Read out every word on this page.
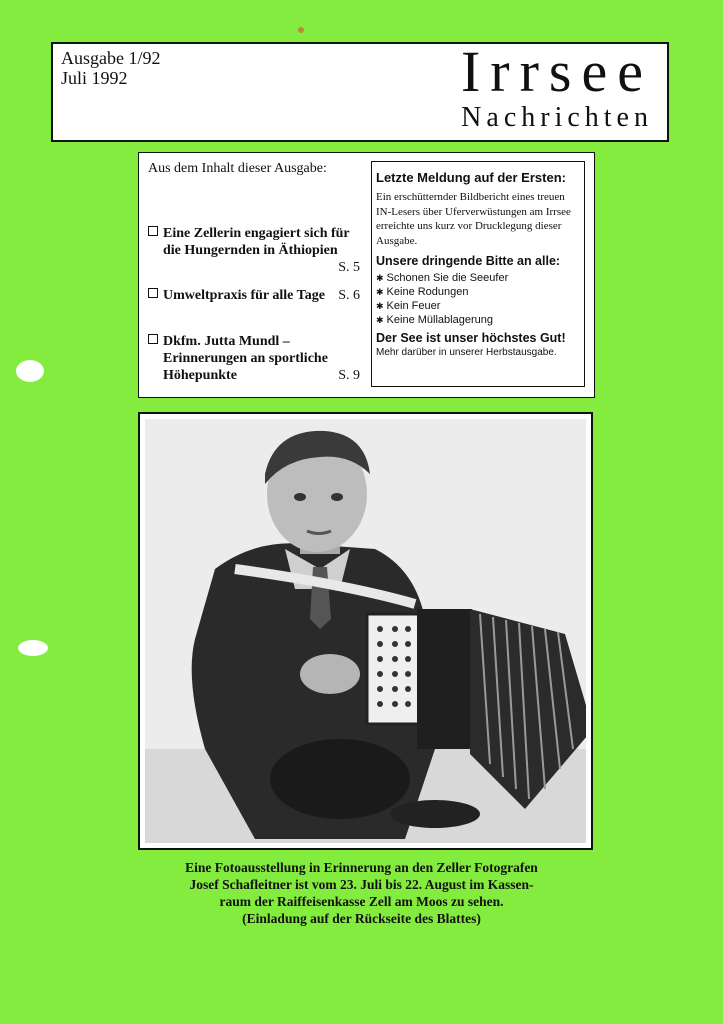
Ausgabe 1/92
Juli 1992	Irrsee
Nachrichten
Aus dem Inhalt dieser Ausgabe:
Eine Zellerin engagiert sich für die Hungernden in Äthiopien
S. 5
Umweltpraxis für alle Tage S. 6
Dkfm. Jutta Mundl – Erinnerungen an sportliche Höhepunkte	S. 9
Letzte Meldung auf der Ersten:

Ein erschütternder Bildbericht eines treuen IN-Lesers über Uferverwüstungen am Irrsee erreichte uns kurz vor Drucklegung dieser Ausgabe.

Unsere dringende Bitte an alle:
✱ Schonen Sie die Seeufer
✱ Keine Rodungen
✱ Kein Feuer
✱ Keine Müllablagerung
Der See ist unser höchstes Gut!
Mehr darüber in unserer Herbstausgabe.
Eine Fotoausstellung in Erinnerung an den Zeller Fotografen
Josef Schafleitner ist vom 23. Juli bis 22. August im Kassen-
raum der Raiffeisenkasse Zell am Moos zu sehen.
(Einladung auf der Rückseite des Blattes)
